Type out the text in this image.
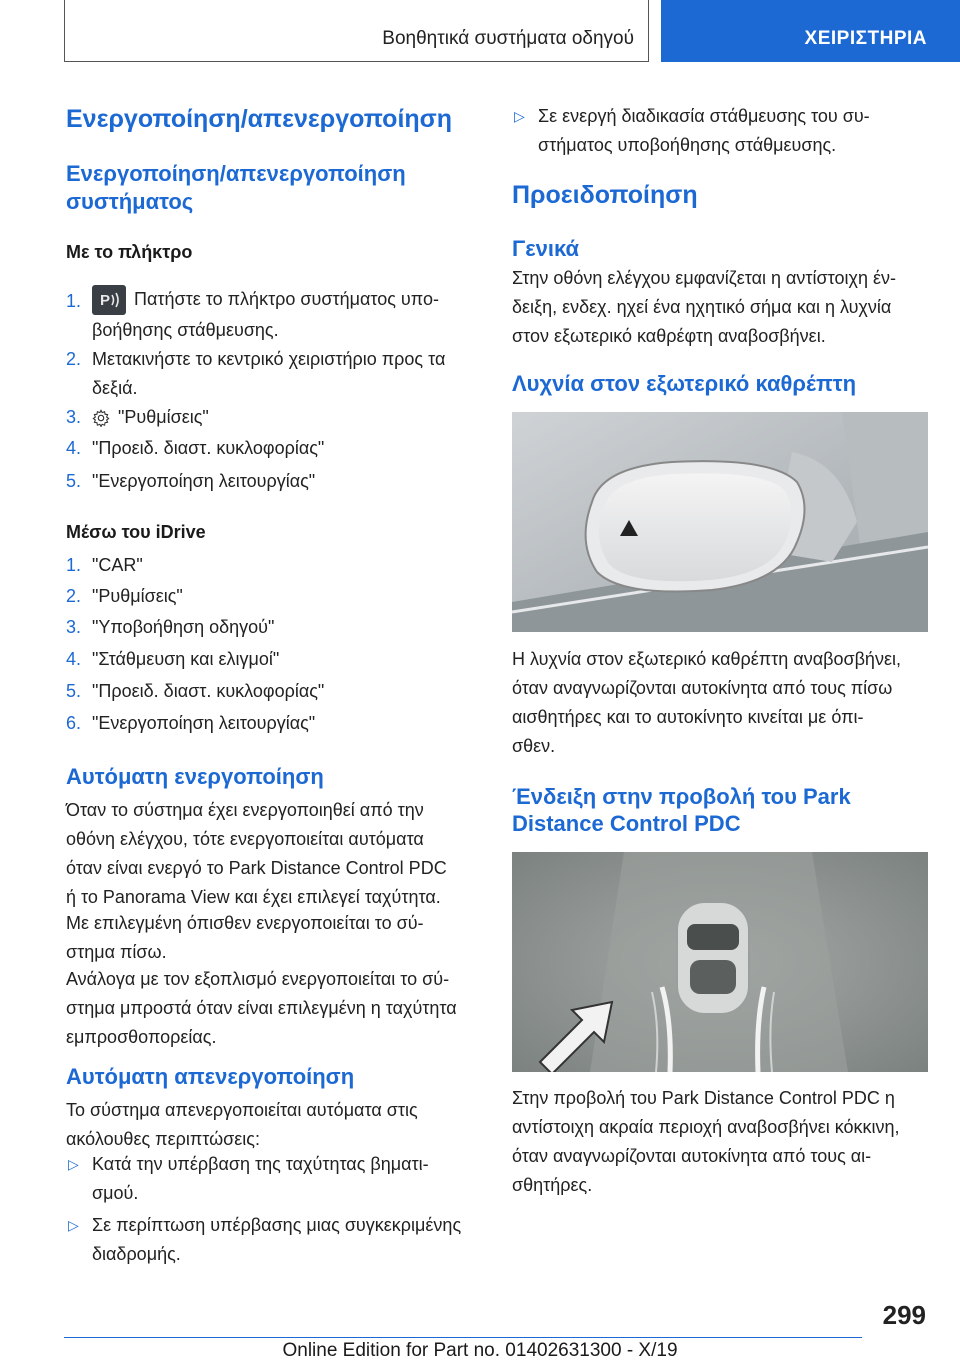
Βοηθητικά συστήματα οδηγού	ΧΕΙΡΙΣΤΗΡΙΑ
Ενεργοποίηση/απενεργοποίηση
Ενεργοποίηση/απενεργοποίηση
συστήματος
Με το πλήκτρο
1.	P Πατήστε το πλήκτρο συστήματος υπο-
βοήθησης στάθμευσης.
2. Μετακινήστε το κεντρικό χειριστήριο προς τα
δεξιά.
3.	"Ρυθμίσεις"
4. "Προειδ. διαστ. κυκλοφορίας"
5. "Ενεργοποίηση λειτουργίας"
Μέσω του iDrive
1. "CAR"
2. "Ρυθμίσεις"
3. "Υποβοήθηση οδηγού"
4. "Στάθμευση και ελιγμοί"
5. "Προειδ. διαστ. κυκλοφορίας"
6. "Ενεργοποίηση λειτουργίας"
Αυτόματη ενεργοποίηση
Όταν το σύστημα έχει ενεργοποιηθεί από την
οθόνη ελέγχου, τότε ενεργοποιείται αυτόματα
όταν είναι ενεργό το Park Distance Control PDC
ή το Panorama View και έχει επιλεγεί ταχύτητα.
Με επιλεγμένη όπισθεν ενεργοποιείται το σύ-
στημα πίσω.
Ανάλογα με τον εξοπλισμό ενεργοποιείται το σύ-
στημα μπροστά όταν είναι επιλεγμένη η ταχύτητα
εμπροσθοπορείας.
Αυτόματη απενεργοποίηση
Το σύστημα απενεργοποιείται αυτόματα στις
ακόλουθες περιπτώσεις:
▷ Κατά την υπέρβαση της ταχύτητας βηματι-
σμού.
▷ Σε περίπτωση υπέρβασης μιας συγκεκριμένης
διαδρομής.
▷ Σε ενεργή διαδικασία στάθμευσης του συ-
στήματος υποβοήθησης στάθμευσης.
Προειδοποίηση
Γενικά
Στην οθόνη ελέγχου εμφανίζεται η αντίστοιχη έν-
δειξη, ενδεχ. ηχεί ένα ηχητικό σήμα και η λυχνία
στον εξωτερικό καθρέφτη αναβοσβήνει.
Λυχνία στον εξωτερικό καθρέπτη
Η λυχνία στον εξωτερικό καθρέπτη αναβοσβήνει,
όταν αναγνωρίζονται αυτοκίνητα από τους πίσω
αισθητήρες και το αυτοκίνητο κινείται με όπι-
σθεν.
Ένδειξη στην προβολή του Park
Distance Control PDC
Στην προβολή του Park Distance Control PDC η
αντίστοιχη ακραία περιοχή αναβοσβήνει κόκκινη,
όταν αναγνωρίζονται αυτοκίνητα από τους αι-
σθητήρες.
299
Online Edition for Part no. 01402631300 - X/19
